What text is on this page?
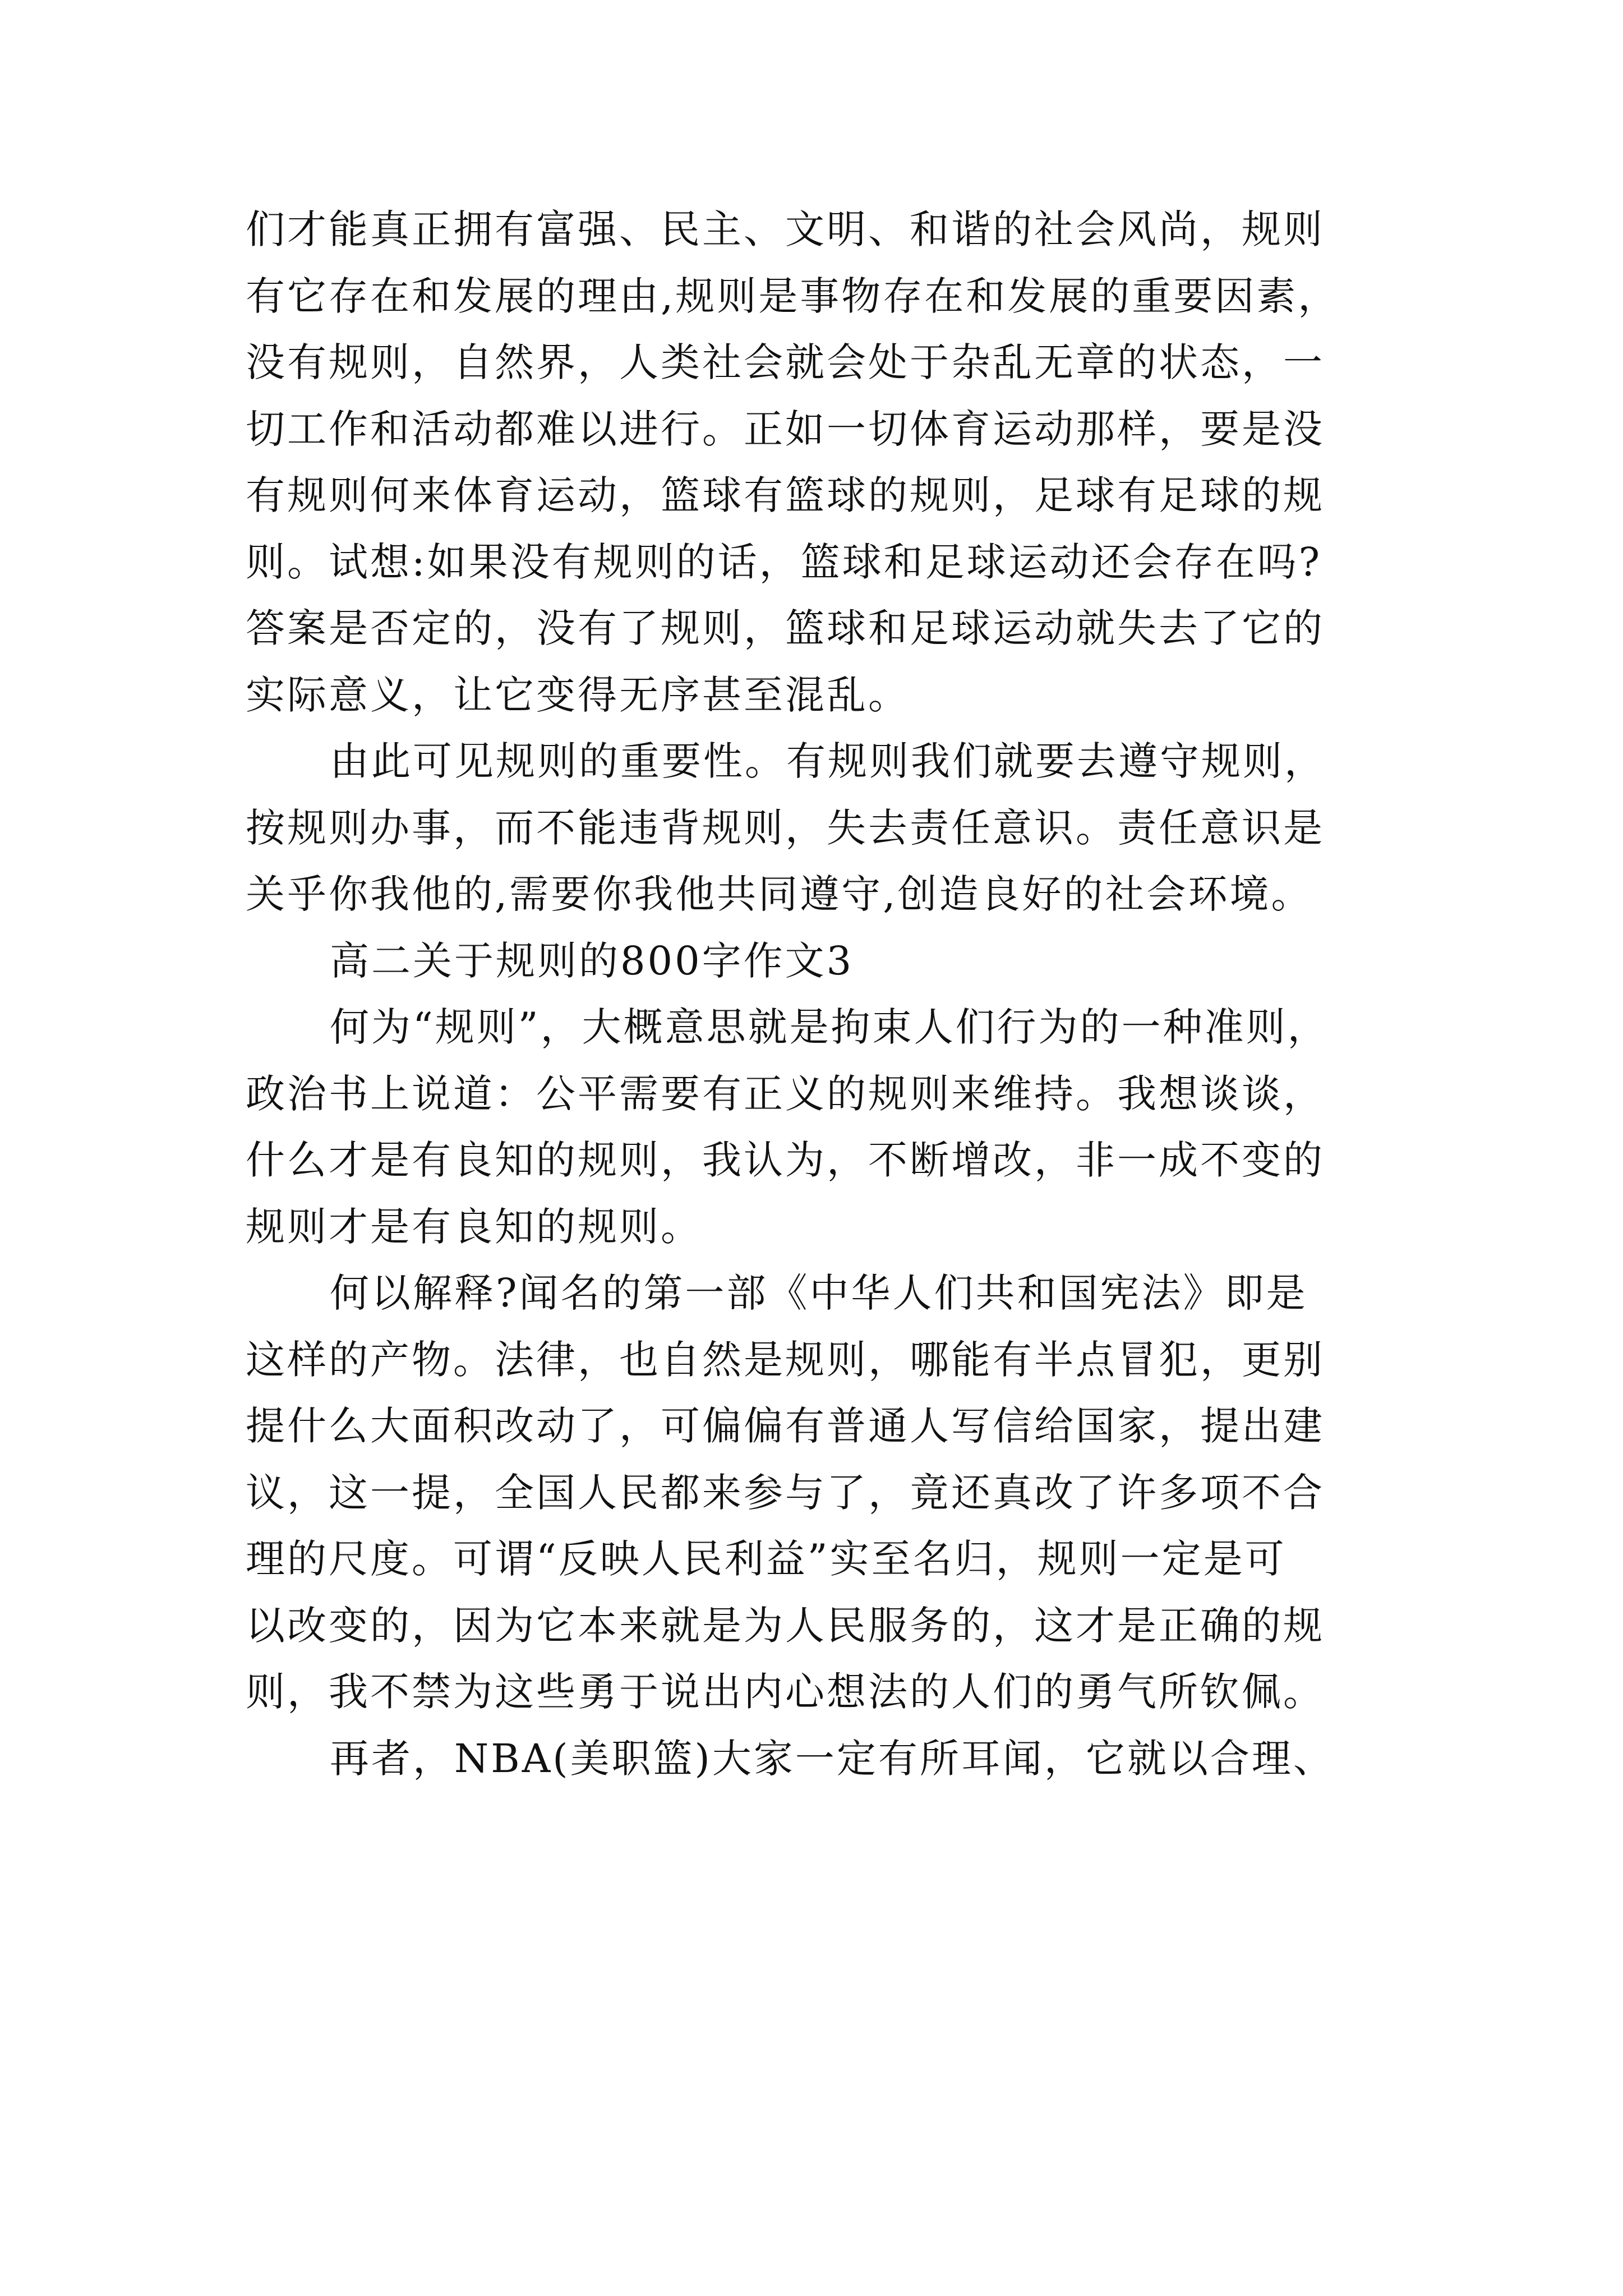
们才能真正拥有富强、民主、文明、和谐的社会风尚，规则
有它存在和发展的理由,规则是事物存在和发展的重要因素，
没有规则，自然界，人类社会就会处于杂乱无章的状态，一
切工作和活动都难以进行。正如一切体育运动那样，要是没
有规则何来体育运动，篮球有篮球的规则，足球有足球的规
则。试想:如果没有规则的话，篮球和足球运动还会存在吗?
答案是否定的，没有了规则，篮球和足球运动就失去了它的
实际意义，让它变得无序甚至混乱。
由此可见规则的重要性。有规则我们就要去遵守规则，
按规则办事，而不能违背规则，失去责任意识。责任意识是
关乎你我他的,需要你我他共同遵守,创造良好的社会环境。
高二关于规则的800字作文3
何为“规则”，大概意思就是拘束人们行为的一种准则，
政治书上说道：公平需要有正义的规则来维持。我想谈谈，
什么才是有良知的规则，我认为，不断增改，非一成不变的
规则才是有良知的规则。
何以解释?闻名的第一部《中华人们共和国宪法》即是
这样的产物。法律，也自然是规则，哪能有半点冒犯，更别
提什么大面积改动了，可偏偏有普通人写信给国家，提出建
议，这一提，全国人民都来参与了，竟还真改了许多项不合
理的尺度。可谓“反映人民利益”实至名归，规则一定是可
以改变的，因为它本来就是为人民服务的，这才是正确的规
则，我不禁为这些勇于说出内心想法的人们的勇气所钦佩。
再者，NBA(美职篮)大家一定有所耳闻，它就以合理、
